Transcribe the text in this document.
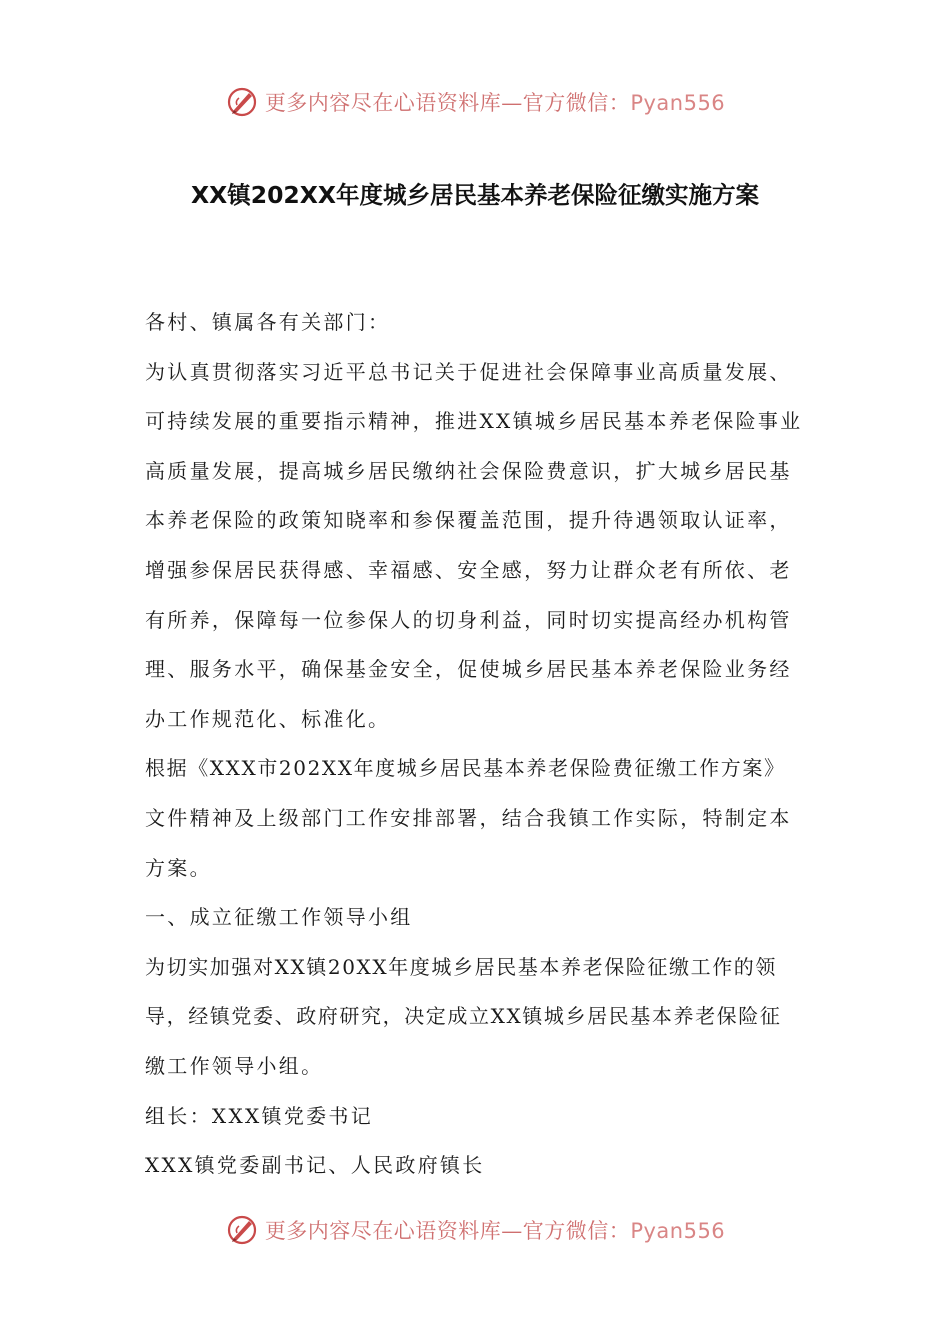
更多内容尽在心语资料库—官方微信：Pyan556
XX镇202XX年度城乡居民基本养老保险征缴实施方案
各村、镇属各有关部门：
为认真贯彻落实习近平总书记关于促进社会保障事业高质量发展、
可持续发展的重要指示精神，推进XX镇城乡居民基本养老保险事业
高质量发展，提高城乡居民缴纳社会保险费意识，扩大城乡居民基
本养老保险的政策知晓率和参保覆盖范围，提升待遇领取认证率，
增强参保居民获得感、幸福感、安全感，努力让群众老有所依、老
有所养，保障每一位参保人的切身利益，同时切实提高经办机构管
理、服务水平，确保基金安全，促使城乡居民基本养老保险业务经
办工作规范化、标准化。
根据《XXX市202XX年度城乡居民基本养老保险费征缴工作方案》
文件精神及上级部门工作安排部署，结合我镇工作实际，特制定本
方案。
一、成立征缴工作领导小组
为切实加强对XX镇20XX年度城乡居民基本养老保险征缴工作的领
导，经镇党委、政府研究，决定成立XX镇城乡居民基本养老保险征
缴工作领导小组。
组长：XXX镇党委书记
XXX镇党委副书记、人民政府镇长
更多内容尽在心语资料库—官方微信：Pyan556
